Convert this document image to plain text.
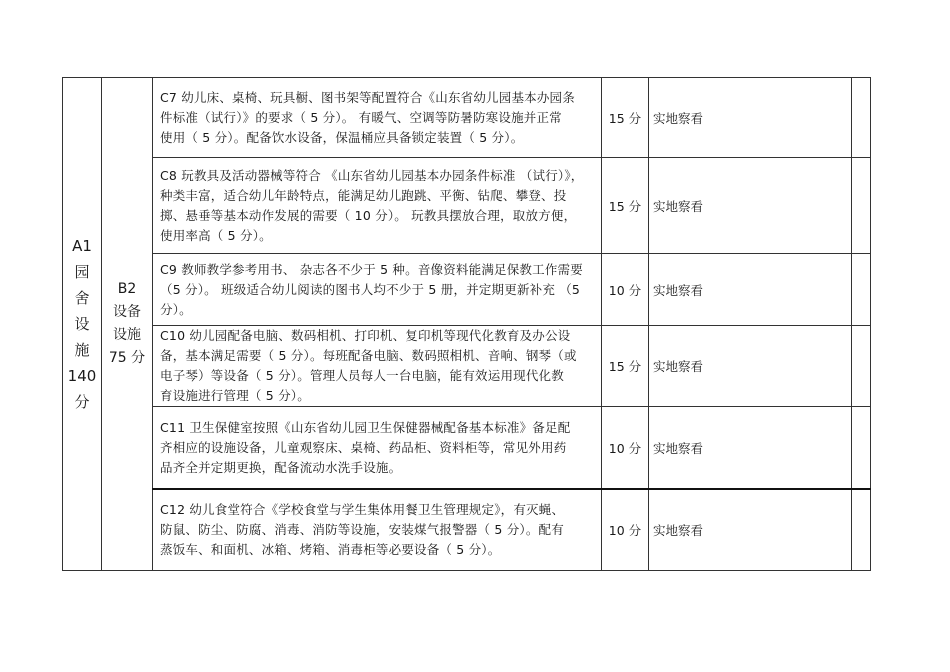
A1
园
舍
设
施
140
分
B2
设备
设施
75 分
C7 幼儿床、桌椅、玩具橱、图书架等配置符合《山东省幼儿园基本办园条
件标准（试行）》的要求（ 5 分）。 有暖气、空调等防暑防寒设施并正常
使用（ 5 分）。配备饮水设备，保温桶应具备锁定装置（ 5 分）。
15 分 实地察看
C8 玩教具及活动器械等符合 《山东省幼儿园基本办园条件标准 （试行）》，
种类丰富，适合幼儿年龄特点，能满足幼儿跑跳、平衡、钻爬、攀登、投
掷、悬垂等基本动作发展的需要（ 10 分）。 玩教具摆放合理，取放方便，
使用率高（ 5 分）。
15 分 实地察看
C9 教师教学参考用书、 杂志各不少于 5 种。音像资料能满足保教工作需要
（5 分）。 班级适合幼儿阅读的图书人均不少于 5 册，并定期更新补充 （5
分）。
10 分 实地察看
C10 幼儿园配备电脑、数码相机、打印机、复印机等现代化教育及办公设
备，基本满足需要（ 5 分）。每班配备电脑、数码照相机、音响、钢琴（或
电子琴）等设备（ 5 分）。管理人员每人一台电脑，能有效运用现代化教
育设施进行管理（ 5 分）。
15 分 实地察看
C11 卫生保健室按照《山东省幼儿园卫生保健器械配备基本标准》备足配
齐相应的设施设备，儿童观察床、桌椅、药品柜、资料柜等，常见外用药
品齐全并定期更换，配备流动水洗手设施。
10 分 实地察看
C12 幼儿食堂符合《学校食堂与学生集体用餐卫生管理规定》，有灭蝇、
防鼠、防尘、防腐、消毒、消防等设施，安装煤气报警器（ 5 分）。配有
蒸饭车、和面机、冰箱、烤箱、消毒柜等必要设备（ 5 分）。
10 分 实地察看
